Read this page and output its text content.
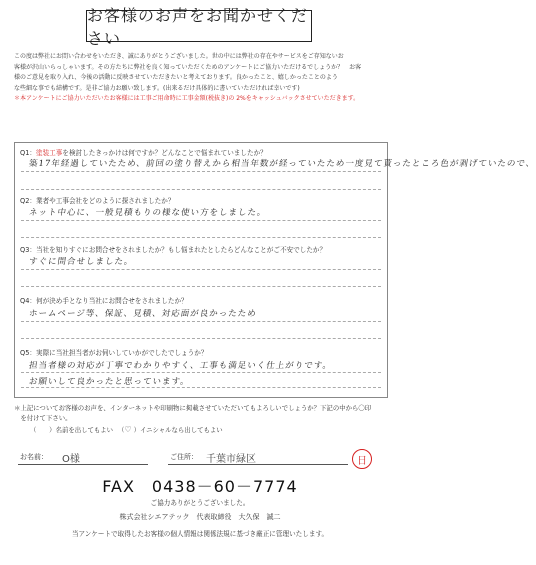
お客様のお声をお聞かせください
この度は弊社にお問い合わせをいただき、誠にありがとうございました。世の中には弊社の存在やサービスをご存知ないお
客様が沢山いらっしゃいます。その方たちに弊社を良く知っていただくためのアンケートにご協力いただけるでしょうか？　お客
様のご意見を取り入れ、今後の活動に反映させていただきたいと考えております。良かったこと、嬉しかったことのよう
な些細な事でも結構です。是非ご協力お願い致します。(出来るだけ具体的に書いていただければ幸いです)
＊本アンケートにご協力いただいたお客様には工事ご用命時に工事金額(税抜き)の 2%をキャッシュバックさせていただきます。
Q1：塗装工事を検討したきっかけは何ですか？どんなことで悩まれていましたか？
築17年経過していたため、前回の塗り替えから相当年数が経っていたため一度見て貰ったところ色が剥げていたので、
Q2：業者や工事会社をどのように探されましたか？
ネット中心に、一般見積もりの様な使い方をしました。
Q3：当社を知りすぐにお問合せをされましたか？もし悩まれたとしたらどんなことがご不安でしたか？
すぐに問合せしました。
Q4：何が決め手となり当社にお問合せをされましたか？
ホームページ等、保証、見積、対応面が良かったため
Q5：実際に当社担当者がお伺いしていかがでしたでしょうか？
担当者様の対応が丁寧でわかりやすく、工事も満足いく仕上がりです。
お願いして良かったと思っています。
＊上記についてお客様のお声を、インターネットや印刷物に掲載させていただいてもよろしいでしょうか？下記の中から〇印
　を付けて下さい。
（　　）名前を出してもよい （♡ ）イニシャルなら出してもよい
お名前： O様	ご住所： 千葉市緑区	日
FAX　0438－60－7774
ご協力ありがとうございました。
株式会社シエアテック　代表取締役　大久保　誠二
当アンケートで取得したお客様の個人情報は関係法規に基づき厳正に管理いたします。
